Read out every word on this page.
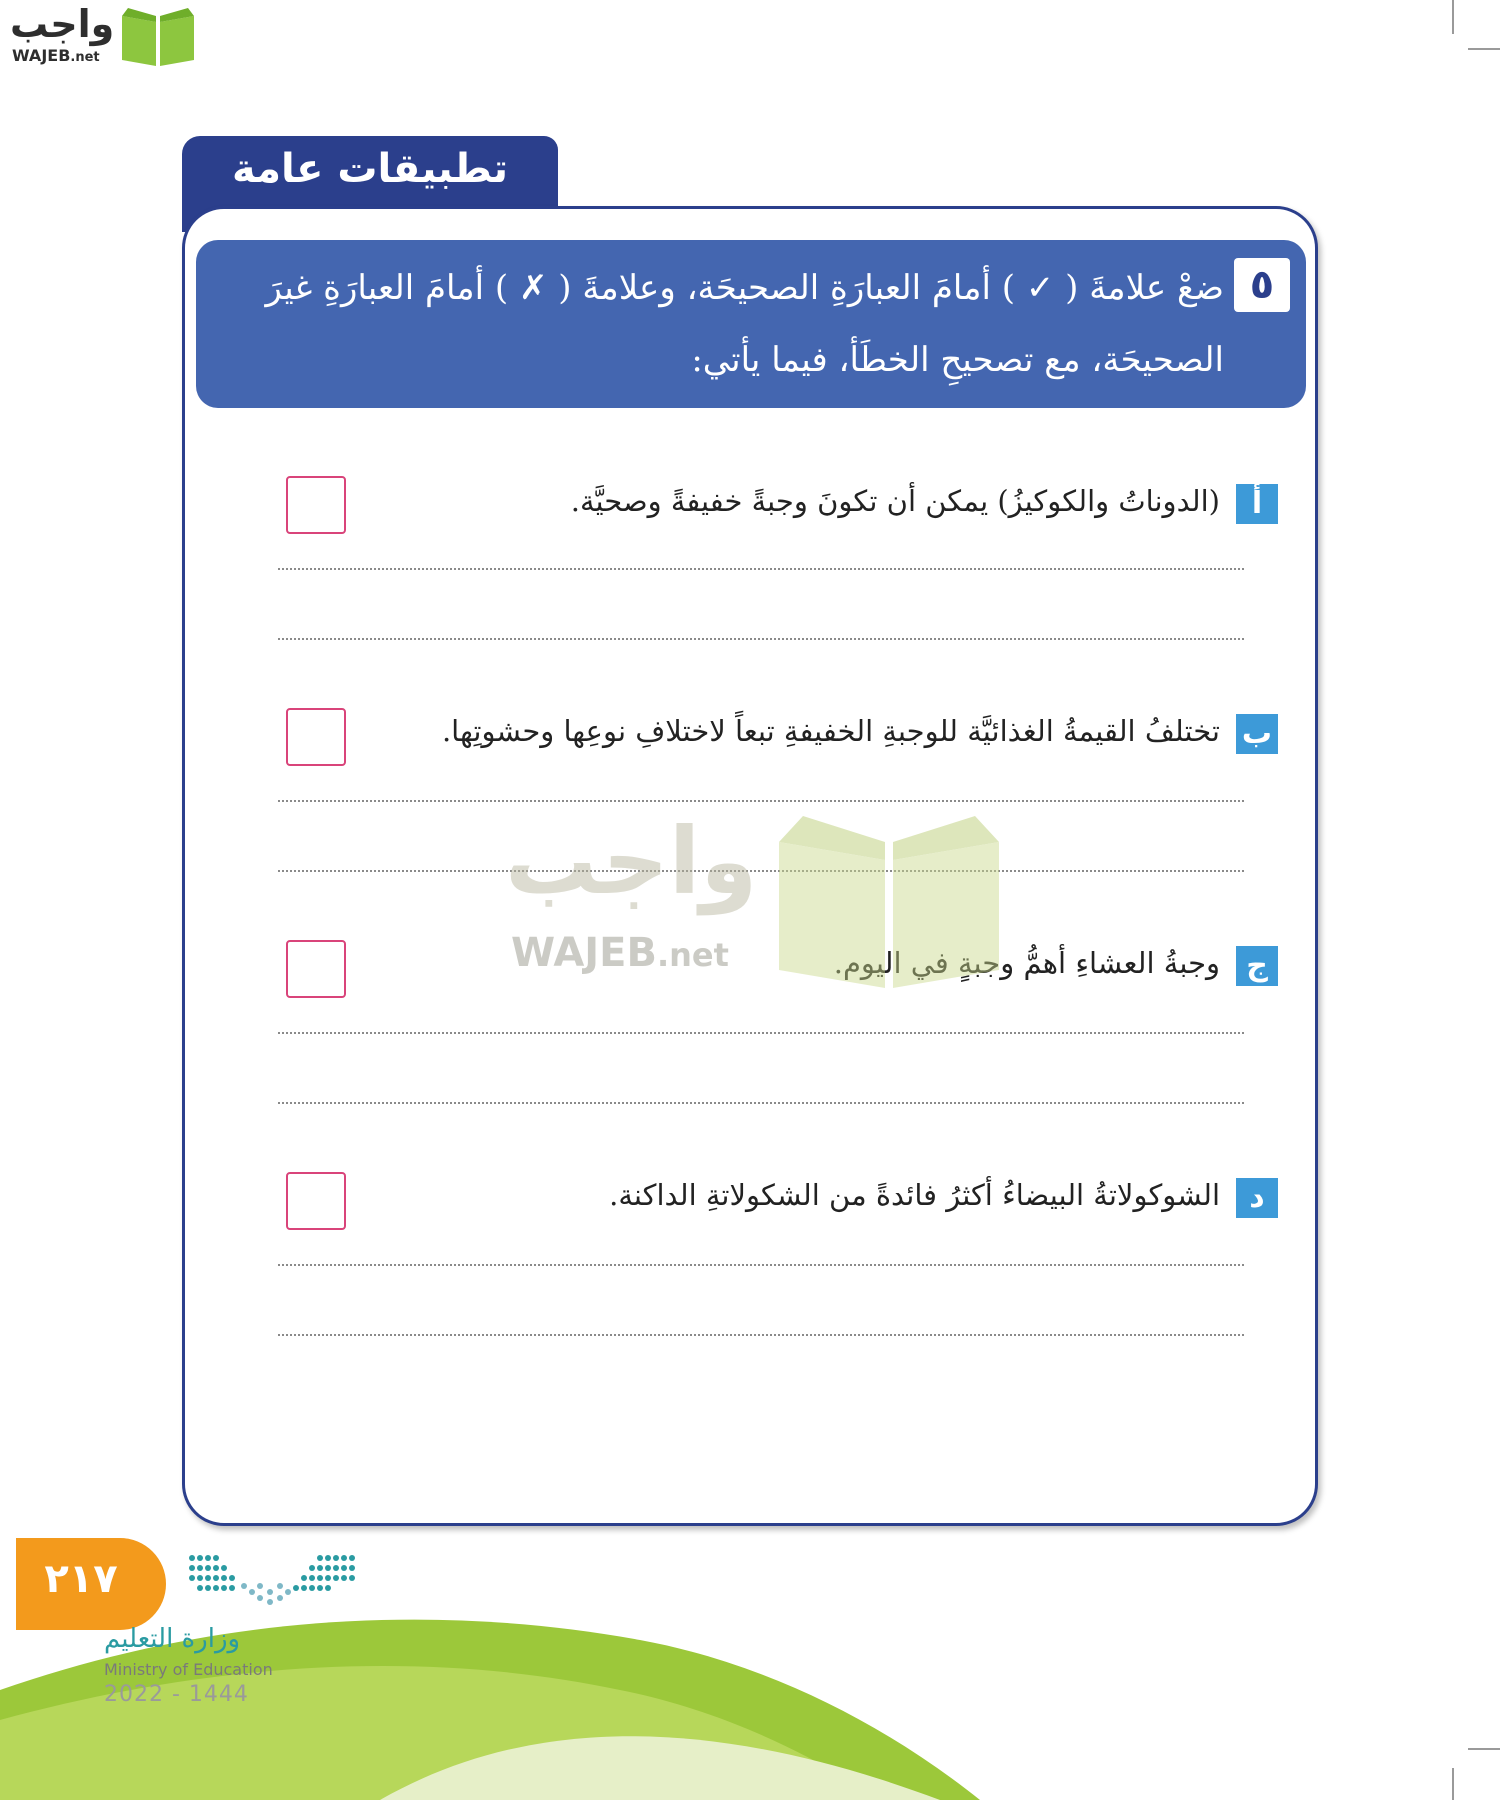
واجب
WAJEB.net
تطبيقات عامة
٥
ضعْ علامةَ ( ✓ ) أمامَ العبارَةِ الصحيحَة، وعلامةَ ( ✗ ) أمامَ العبارَةِ غيرَ الصحيحَة، مع تصحيحِ الخطَأ، فيما يأتي:
أ
(الدوناتُ والكوكيزُ) يمكن أن تكونَ وجبةً خفيفةً وصحيَّة.
ب
تختلفُ القيمةُ الغذائيَّة للوجبةِ الخفيفةِ تبعاً لاختلافِ نوعِها وحشوتِها.
ج
وجبةُ العشاءِ أهمُّ وجبةٍ في اليوم.
د
الشوكولاتةُ البيضاءُ أكثرُ فائدةً من الشكولاتةِ الداكنة.
واجب
WAJEB.net
٢١٧
وزارة التعليم
Ministry of Education
2022 - 1444
